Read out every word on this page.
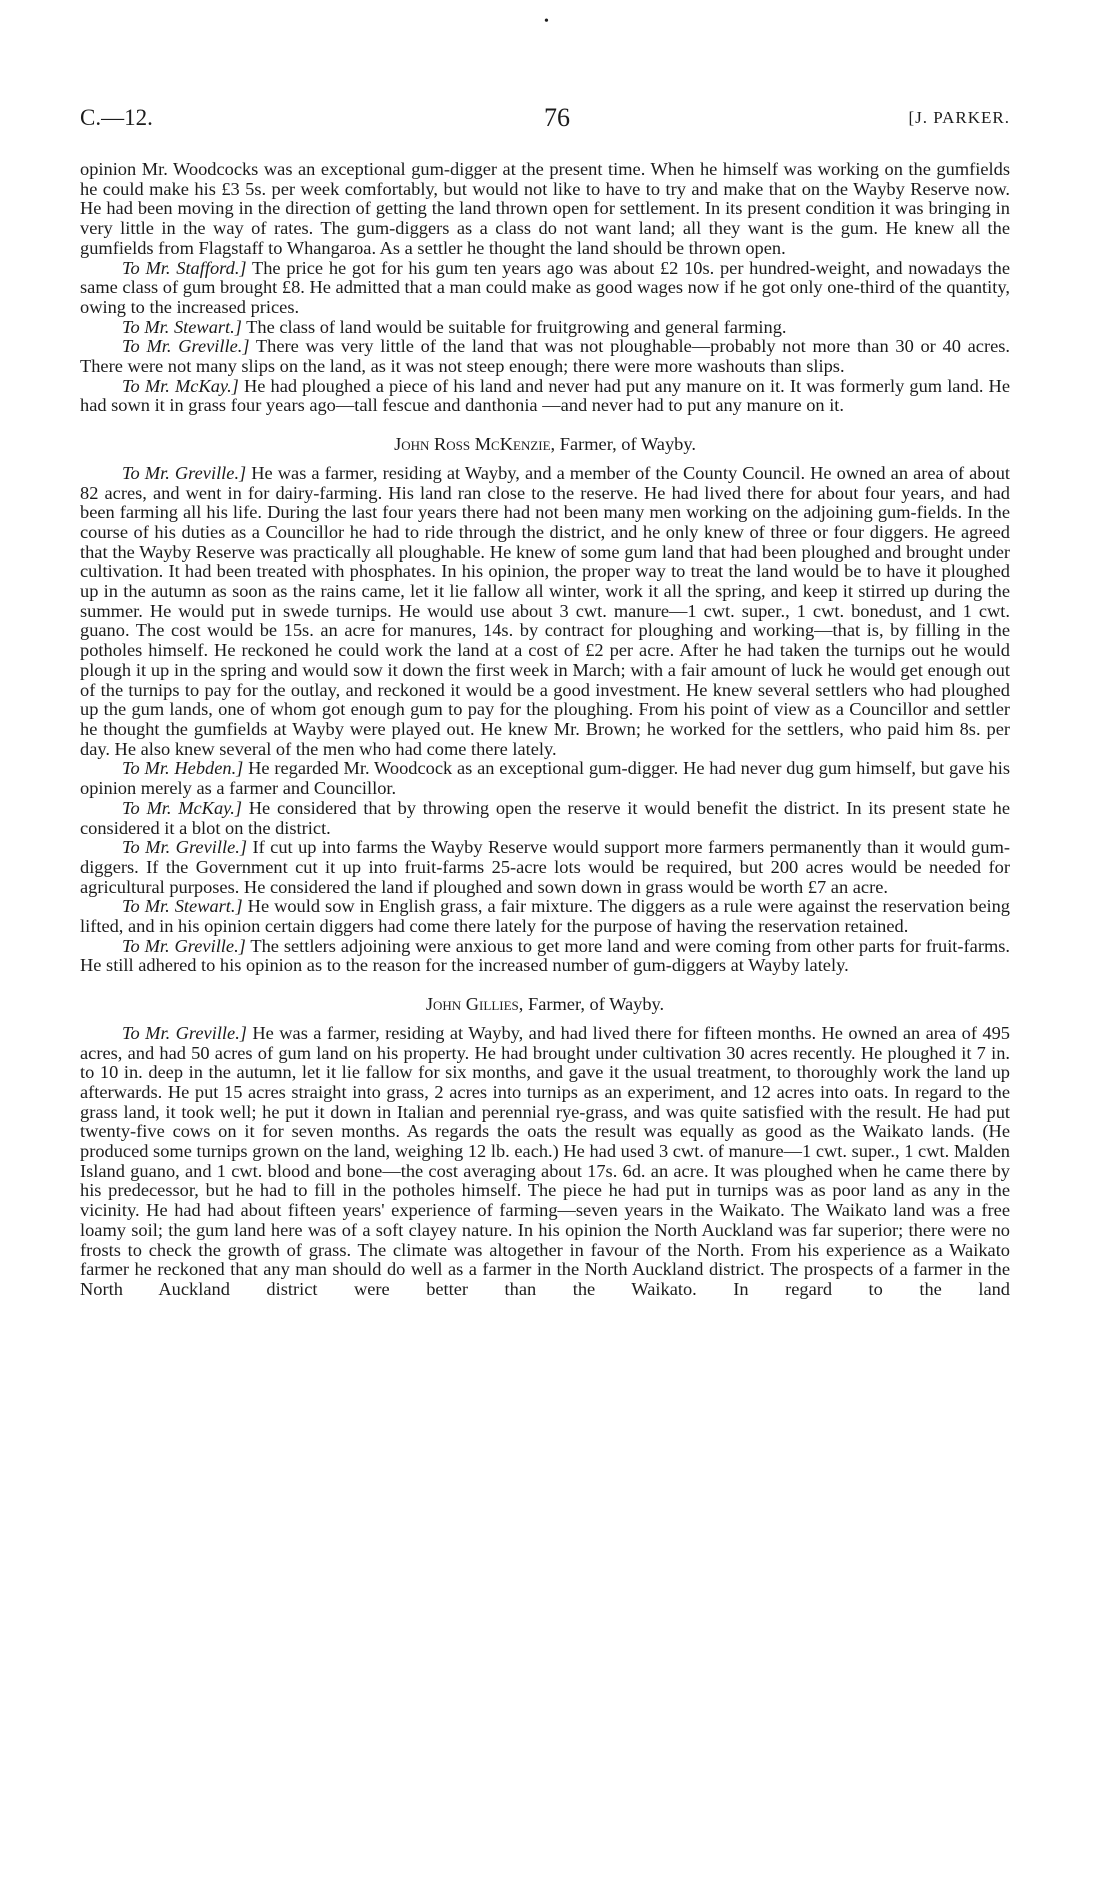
•
C.—12.	76	[J. PARKER.

opinion Mr. Woodcocks was an exceptional gum-digger at the present time. When he himself was working on the gumfields he could make his £3 5s. per week comfortably, but would not like to have to try and make that on the Wayby Reserve now. He had been moving in the direction of getting the land thrown open for settlement. In its present condition it was bringing in very little in the way of rates. The gum-diggers as a class do not want land; all they want is the gum. He knew all the gumfields from Flagstaff to Whangaroa. As a settler he thought the land should be thrown open.

To Mr. Stafford.] The price he got for his gum ten years ago was about £2 10s. per hundred-weight, and nowadays the same class of gum brought £8. He admitted that a man could make as good wages now if he got only one-third of the quantity, owing to the increased prices.

To Mr. Stewart.] The class of land would be suitable for fruitgrowing and general farming.

To Mr. Greville.] There was very little of the land that was not ploughable—probably not more than 30 or 40 acres. There were not many slips on the land, as it was not steep enough; there were more washouts than slips.

To Mr. McKay.] He had ploughed a piece of his land and never had put any manure on it. It was formerly gum land. He had sown it in grass four years ago—tall fescue and danthonia —and never had to put any manure on it.

John Ross McKenzie, Farmer, of Wayby.

To Mr. Greville.] He was a farmer, residing at Wayby, and a member of the County Council. He owned an area of about 82 acres, and went in for dairy-farming. His land ran close to the reserve. He had lived there for about four years, and had been farming all his life. During the last four years there had not been many men working on the adjoining gum-fields. In the course of his duties as a Councillor he had to ride through the district, and he only knew of three or four diggers. He agreed that the Wayby Reserve was practically all ploughable. He knew of some gum land that had been ploughed and brought under cultivation. It had been treated with phosphates. In his opinion, the proper way to treat the land would be to have it ploughed up in the autumn as soon as the rains came, let it lie fallow all winter, work it all the spring, and keep it stirred up during the summer. He would put in swede turnips. He would use about 3 cwt. manure—1 cwt. super., 1 cwt. bonedust, and 1 cwt. guano. The cost would be 15s. an acre for manures, 14s. by contract for ploughing and working—that is, by filling in the potholes himself. He reckoned he could work the land at a cost of £2 per acre. After he had taken the turnips out he would plough it up in the spring and would sow it down the first week in March; with a fair amount of luck he would get enough out of the turnips to pay for the outlay, and reckoned it would be a good investment. He knew several settlers who had ploughed up the gum lands, one of whom got enough gum to pay for the ploughing. From his point of view as a Councillor and settler he thought the gumfields at Wayby were played out. He knew Mr. Brown; he worked for the settlers, who paid him 8s. per day. He also knew several of the men who had come there lately.

To Mr. Hebden.] He regarded Mr. Woodcock as an exceptional gum-digger. He had never dug gum himself, but gave his opinion merely as a farmer and Councillor.

To Mr. McKay.] He considered that by throwing open the reserve it would benefit the district. In its present state he considered it a blot on the district.

To Mr. Greville.] If cut up into farms the Wayby Reserve would support more farmers permanently than it would gum-diggers. If the Government cut it up into fruit-farms 25-acre lots would be required, but 200 acres would be needed for agricultural purposes. He considered the land if ploughed and sown down in grass would be worth £7 an acre.

To Mr. Stewart.] He would sow in English grass, a fair mixture. The diggers as a rule were against the reservation being lifted, and in his opinion certain diggers had come there lately for the purpose of having the reservation retained.

To Mr. Greville.] The settlers adjoining were anxious to get more land and were coming from other parts for fruit-farms. He still adhered to his opinion as to the reason for the increased number of gum-diggers at Wayby lately.

John Gillies, Farmer, of Wayby.

To Mr. Greville.] He was a farmer, residing at Wayby, and had lived there for fifteen months. He owned an area of 495 acres, and had 50 acres of gum land on his property. He had brought under cultivation 30 acres recently. He ploughed it 7 in. to 10 in. deep in the autumn, let it lie fallow for six months, and gave it the usual treatment, to thoroughly work the land up afterwards. He put 15 acres straight into grass, 2 acres into turnips as an experiment, and 12 acres into oats. In regard to the grass land, it took well; he put it down in Italian and perennial rye-grass, and was quite satisfied with the result. He had put twenty-five cows on it for seven months. As regards the oats the result was equally as good as the Waikato lands. (He produced some turnips grown on the land, weighing 12 lb. each.) He had used 3 cwt. of manure—1 cwt. super., 1 cwt. Malden Island guano, and 1 cwt. blood and bone—the cost averaging about 17s. 6d. an acre. It was ploughed when he came there by his predecessor, but he had to fill in the potholes himself. The piece he had put in turnips was as poor land as any in the vicinity. He had had about fifteen years' experience of farming—seven years in the Waikato. The Waikato land was a free loamy soil; the gum land here was of a soft clayey nature. In his opinion the North Auckland was far superior; there were no frosts to check the growth of grass. The climate was altogether in favour of the North. From his experience as a Waikato farmer he reckoned that any man should do well as a farmer in the North Auckland district. The prospects of a farmer in the North Auckland district were better than the Waikato. In regard to the land
